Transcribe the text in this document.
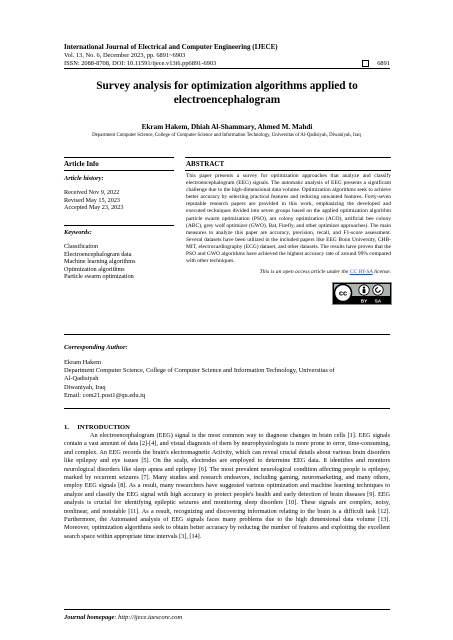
International Journal of Electrical and Computer Engineering (IJECE)
Vol. 13, No. 6, December 2023, pp. 6891~6903
ISSN: 2088-8708, DOI: 10.11591/ijece.v13i6.pp6891-6903	6891
Survey analysis for optimization algorithms applied to electroencephalogram
Ekram Hakem, Dhiah Al-Shammary, Ahmed M. Mahdi
Department Computer Science, College of Computer Science and Information Technology, Universitas of Al-Qadisiyah, Diwaniyah, Iraq
Article Info	ABSTRACT
Article history:
Received Nov 9, 2022
Revised May 15, 2023
Accepted May 23, 2023
Keywords:
Classification
Electroencephalogram data
Machine learning algorithms
Optimization algorithms
Particle swarm optimization
This paper presents a survey for optimization approaches that analyze and classify electroencephalogram (EEG) signals. The automatic analysis of EEG presents a significant challenge due to the high-dimensional data volume. Optimization algorithms seek to achieve better accuracy by selecting practical features and reducing unwanted features. Forty-seven reputable research papers are provided in this work, emphasizing the developed and executed techniques divided into seven groups based on the applied optimization algorithm particle swarm optimization (PSO), ant colony optimization (ACO), artificial bee colony (ABC), grey wolf optimizer (GWO), Bat, Firefly, and other optimizer approaches). The main measures to analyze this paper are accuracy, precision, recall, and F1-score assessment. Several datasets have been utilized in the included papers like EEG Bonn University, CHB-MIT, electrocardiography (ECG) dataset, and other datasets. The results have proven that the PSO and GWO algorithms have achieved the highest accuracy rate of around 99% compared with other techniques.
This is an open access article under the CC BY-SA license.
cc
BY SA
Corresponding Author:
Ekram Hakem
Department Computer Science, College of Computer Science and Information Technology, Universitas of
Al-Qadisiyah
Diwaniyah, Iraq
Email: com21.post1@qu.edu.iq
1.     INTRODUCTION

An electroencephalogram (EEG) signal is the most common way to diagnose changes in brain cells [1]. EEG signals contain a vast amount of data [2]-[4], and visual diagnosis of them by neurophysiologists is more prone to error, time-consuming, and complex. An EEG records the brain's electromagnetic Activity, which can reveal crucial details about various brain disorders like epilepsy and eye issues [5]. On the scalp, electrodes are employed to determine EEG data. It identifies and monitors neurological disorders like sleep apnea and epilepsy [6]. The most prevalent neurological condition affecting people is epilepsy, marked by recurrent seizures [7]. Many studies and research endeavors, including gaming, neuromarketing, and many others, employ EEG signals [8]. As a result, many researchers have suggested various optimization and machine learning techniques to analyze and classify the EEG signal with high accuracy to protect people's health and early detection of brain diseases [9]. EEG analysis is crucial for identifying epileptic seizures and monitoring sleep disorders [10]. These signals are complex, noisy, nonlinear, and nonstable [11]. As a result, recognizing and discovering information relating to the brain is a difficult task [12]. Furthermore, the Automated analysis of EEG signals faces many problems due to the high dimensional data volume [13]. Moreover, optimization algorithms seek to obtain better accuracy by reducing the number of features and exploiting the excellent search space within appropriate time intervals [3], [14].

Journal homepage: http://ijece.iaescore.com
